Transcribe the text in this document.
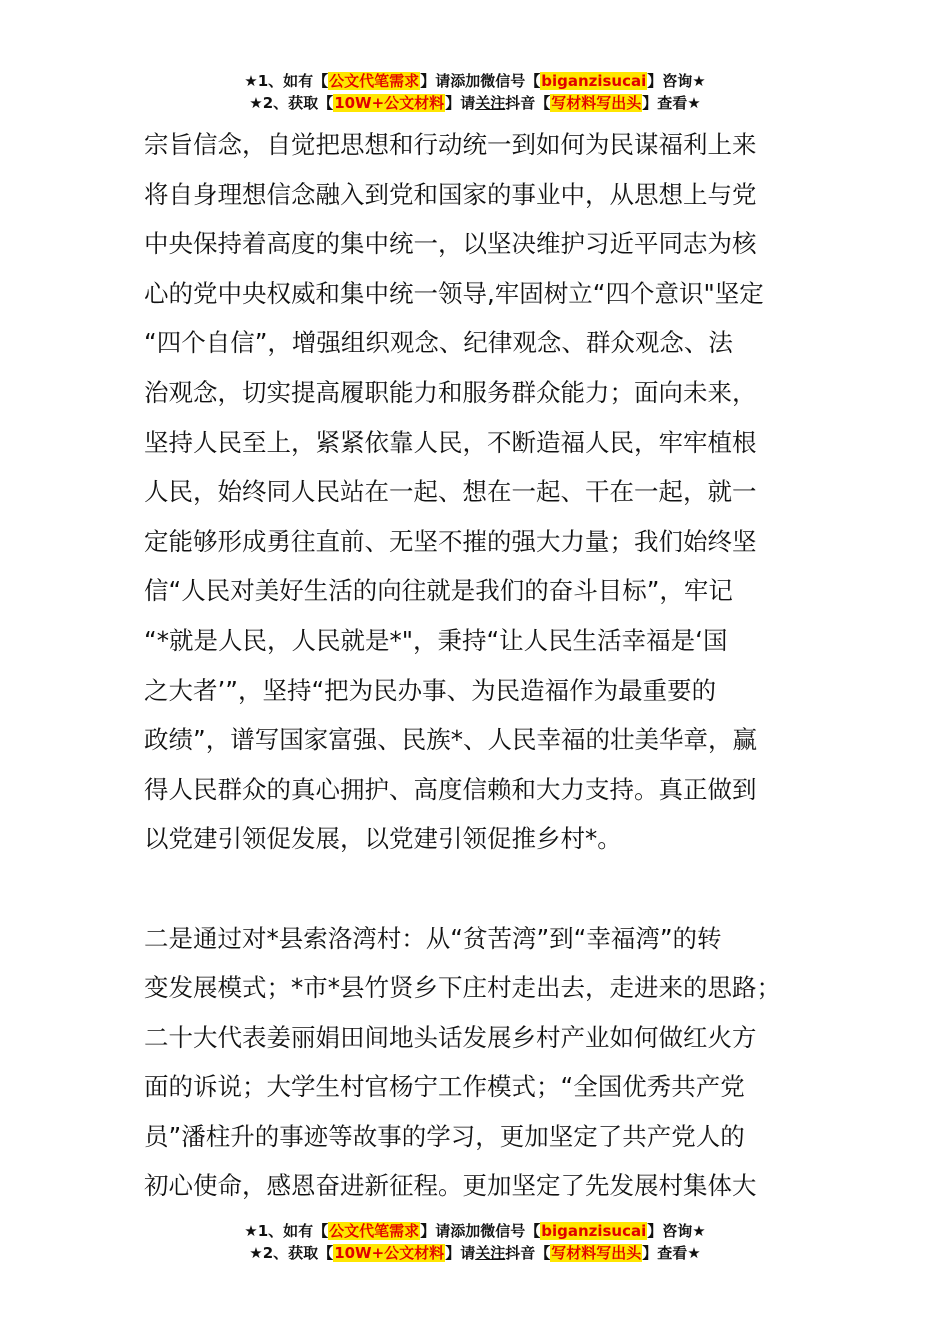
★1、如有【公文代笔需求】请添加微信号【biganzisucai】咨询★
★2、获取【10W+公文材料】请关注抖音【写材料写出头】查看★
宗旨信念，自觉把思想和行动统一到如何为民谋福利上来
将自身理想信念融入到党和国家的事业中，从思想上与党
中央保持着高度的集中统一，以坚决维护习近平同志为核
心的党中央权威和集中统一领导,牢固树立“四个意识"坚定
“四个自信”，增强组织观念、纪律观念、群众观念、法
治观念，切实提高履职能力和服务群众能力；面向未来，
坚持人民至上，紧紧依靠人民，不断造福人民，牢牢植根
人民，始终同人民站在一起、想在一起、干在一起，就一
定能够形成勇往直前、无坚不摧的强大力量；我们始终坚
信“人民对美好生活的向往就是我们的奋斗目标”，牢记
“*就是人民，人民就是*"，秉持“让人民生活幸福是‘国
之大者’”，坚持“把为民办事、为民造福作为最重要的
政绩”，谱写国家富强、民族*、人民幸福的壮美华章，赢
得人民群众的真心拥护、高度信赖和大力支持。真正做到
以党建引领促发展，以党建引领促推乡村*。
二是通过对*县索洛湾村：从“贫苦湾”到“幸福湾”的转
变发展模式；*市*县竹贤乡下庄村走出去，走进来的思路；
二十大代表姜丽娟田间地头话发展乡村产业如何做红火方
面的诉说；大学生村官杨宁工作模式；“全国优秀共产党
员”潘柱升的事迹等故事的学习，更加坚定了共产党人的
初心使命，感恩奋进新征程。更加坚定了先发展村集体大
★1、如有【公文代笔需求】请添加微信号【biganzisucai】咨询★
★2、获取【10W+公文材料】请关注抖音【写材料写出头】查看★
